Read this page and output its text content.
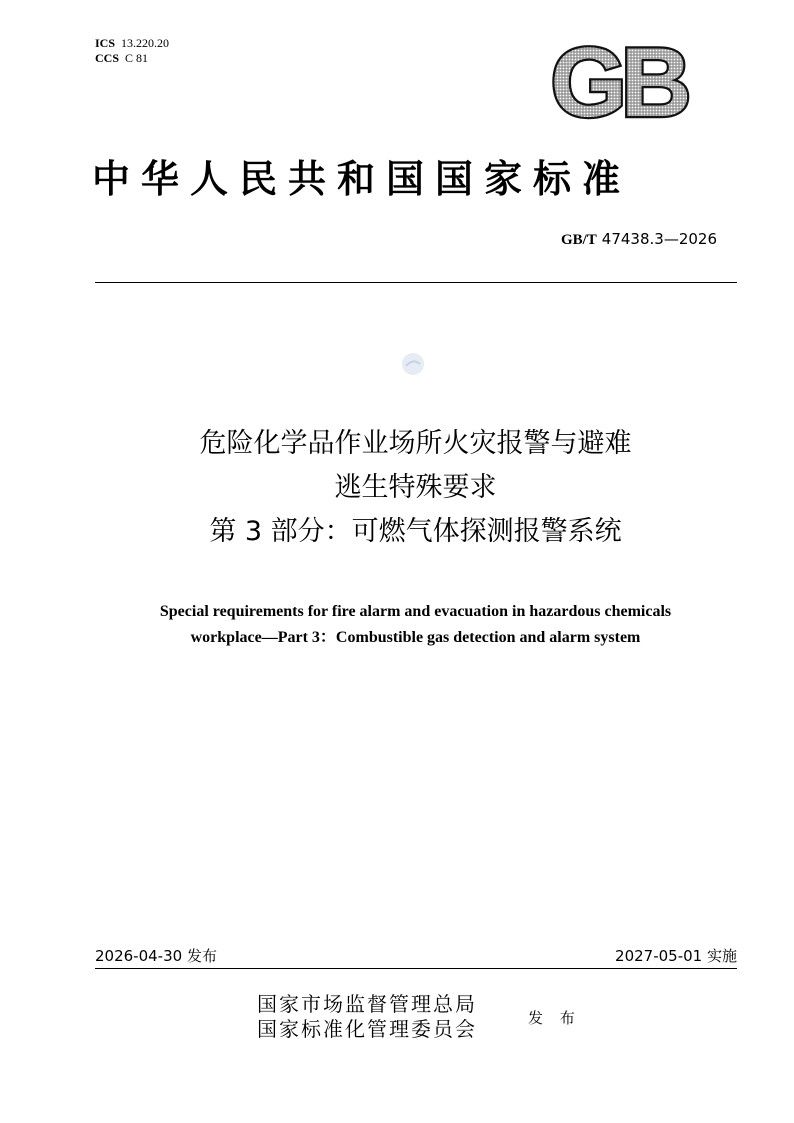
ICS 13.220.20
CCS C 81	GB
中华人民共和国国家标准
GB/T 47438.3—2026
危险化学品作业场所火灾报警与避难
逃生特殊要求
第 3 部分：可燃气体探测报警系统
Special requirements for fire alarm and evacuation in hazardous chemicals
workplace—Part 3：Combustible gas detection and alarm system
2026-04-30 发布	2027-05-01 实施
国家市场监督管理总局
国家标准化管理委员会	发 布
